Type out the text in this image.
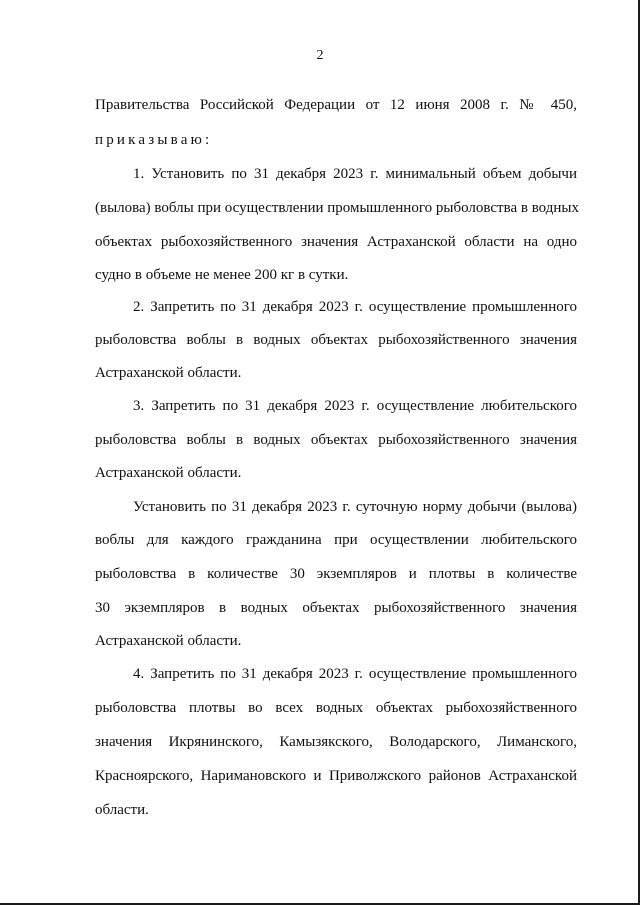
2
Правительства Российской Федерации от 12 июня 2008 г. № 450,
приказываю:
1. Установить по 31 декабря 2023 г. минимальный объем добычи
(вылова) воблы при осуществлении промышленного рыболовства в водных
объектах рыбохозяйственного значения Астраханской области на одно
судно в объеме не менее 200 кг в сутки.
2. Запретить по 31 декабря 2023 г. осуществление промышленного
рыболовства воблы в водных объектах рыбохозяйственного значения
Астраханской области.
3. Запретить по 31 декабря 2023 г. осуществление любительского
рыболовства воблы в водных объектах рыбохозяйственного значения
Астраханской области.
Установить по 31 декабря 2023 г. суточную норму добычи (вылова)
воблы для каждого гражданина при осуществлении любительского
рыболовства в количестве 30 экземпляров и плотвы в количестве
30 экземпляров в водных объектах рыбохозяйственного значения
Астраханской области.
4. Запретить по 31 декабря 2023 г. осуществление промышленного
рыболовства плотвы во всех водных объектах рыбохозяйственного
значения Икрянинского, Камызякского, Володарского, Лиманского,
Красноярского, Наримановского и Приволжского районов Астраханской
области.
